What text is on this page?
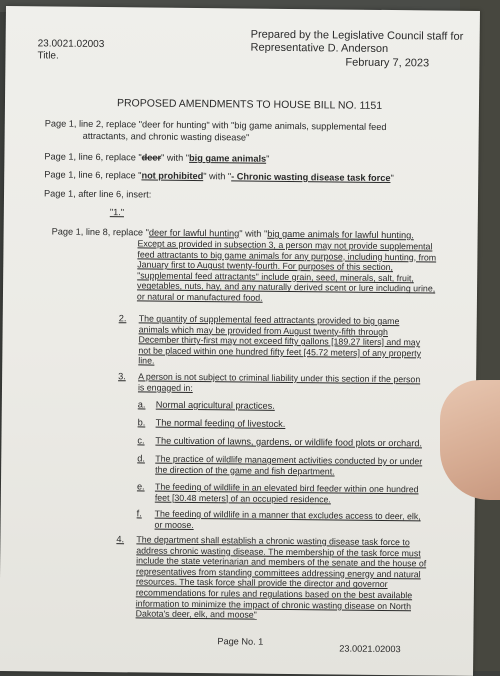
23.0021.02003
Title.
Prepared by the Legislative Council staff for
Representative D. Anderson
February 7, 2023
PROPOSED AMENDMENTS TO HOUSE BILL NO. 1151
Page 1, line 2, replace "deer for hunting" with "big game animals, supplemental feed
attractants, and chronic wasting disease"
Page 1, line 6, replace "deer" with "big game animals"
Page 1, line 6, replace "not prohibited" with "- Chronic wasting disease task force"
Page 1, after line 6, insert:
"1."
Page 1, line 8, replace "deer for lawful hunting" with "big game animals for lawful hunting.
Except as provided in subsection 3, a person may not provide supplemental feed attractants to big game animals for any purpose, including hunting, from January first to August twenty-fourth. For purposes of this section, "supplemental feed attractants" include grain, seed, minerals, salt, fruit, vegetables, nuts, hay, and any naturally derived scent or lure including urine, or natural or manufactured food.
2. The quantity of supplemental feed attractants provided to big game animals which may be provided from August twenty-fifth through December thirty-first may not exceed fifty gallons [189.27 liters] and may not be placed within one hundred fifty feet [45.72 meters] of any property line.
3. A person is not subject to criminal liability under this section if the person is engaged in:
a. Normal agricultural practices.
b. The normal feeding of livestock.
c. The cultivation of lawns, gardens, or wildlife food plots or orchard.
d. The practice of wildlife management activities conducted by or under the direction of the game and fish department.
e. The feeding of wildlife in an elevated bird feeder within one hundred feet [30.48 meters] of an occupied residence.
f. The feeding of wildlife in a manner that excludes access to deer, elk, or moose.
4. The department shall establish a chronic wasting disease task force to address chronic wasting disease. The membership of the task force must include the state veterinarian and members of the senate and the house of representatives from standing committees addressing energy and natural resources. The task force shall provide the director and governor recommendations for rules and regulations based on the best available information to minimize the impact of chronic wasting disease on North Dakota's deer, elk, and moose"
Page No. 1
23.0021.02003
